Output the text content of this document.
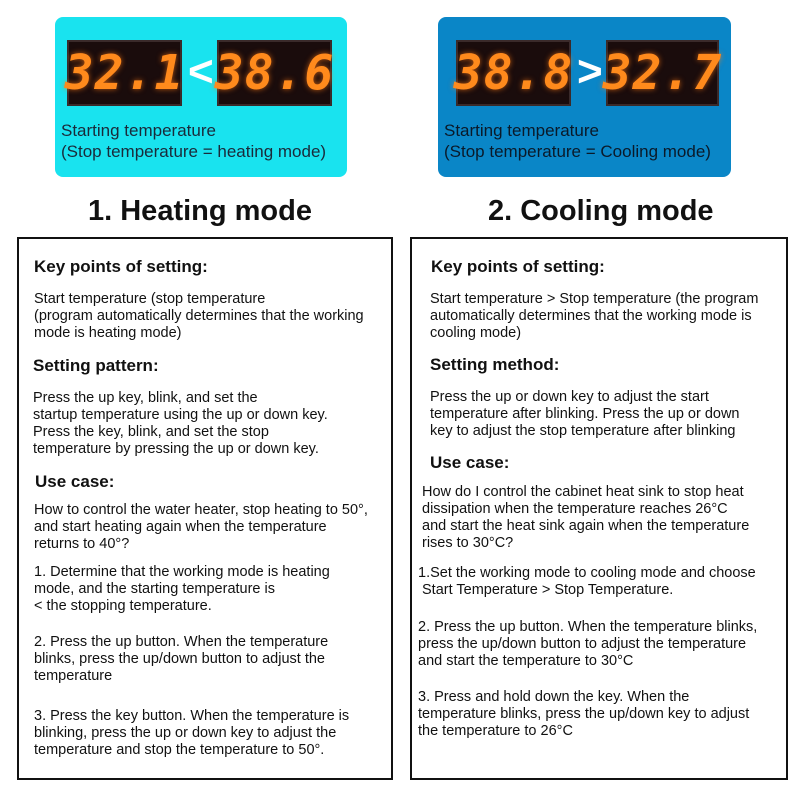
32.1 < 38.6
Starting temperature
(Stop temperature = heating mode)
38.8 > 32.7
Starting temperature
(Stop temperature = Cooling mode)
1. Heating mode	2. Cooling mode
Key points of setting:
Start temperature (stop temperature
(program automatically determines that the working
mode is heating mode)
Setting pattern:
Press the up key, blink, and set the
startup temperature using the up or down key.
Press the key, blink, and set the stop
temperature by pressing the up or down key.
Use case:
How to control the water heater, stop heating to 50°,
and start heating again when the temperature
returns to 40°?
1. Determine that the working mode is heating
mode, and the starting temperature is
< the stopping temperature.
2. Press the up button. When the temperature
blinks, press the up/down button to adjust the
temperature
3. Press the key button. When the temperature is
blinking, press the up or down key to adjust the
temperature and stop the temperature to 50°.
Key points of setting:
Start temperature > Stop temperature (the program
automatically determines that the working mode is
cooling mode)
Setting method:
Press the up or down key to adjust the start
temperature after blinking. Press the up or down
key to adjust the stop temperature after blinking
Use case:
How do I control the cabinet heat sink to stop heat
dissipation when the temperature reaches 26°C
and start the heat sink again when the temperature
rises to 30°C?
1.Set the working mode to cooling mode and choose
Start Temperature > Stop Temperature.
2. Press the up button. When the temperature blinks,
press the up/down button to adjust the temperature
and start the temperature to 30°C
3. Press and hold down the key. When the
temperature blinks, press the up/down key to adjust
the temperature to 26°C
